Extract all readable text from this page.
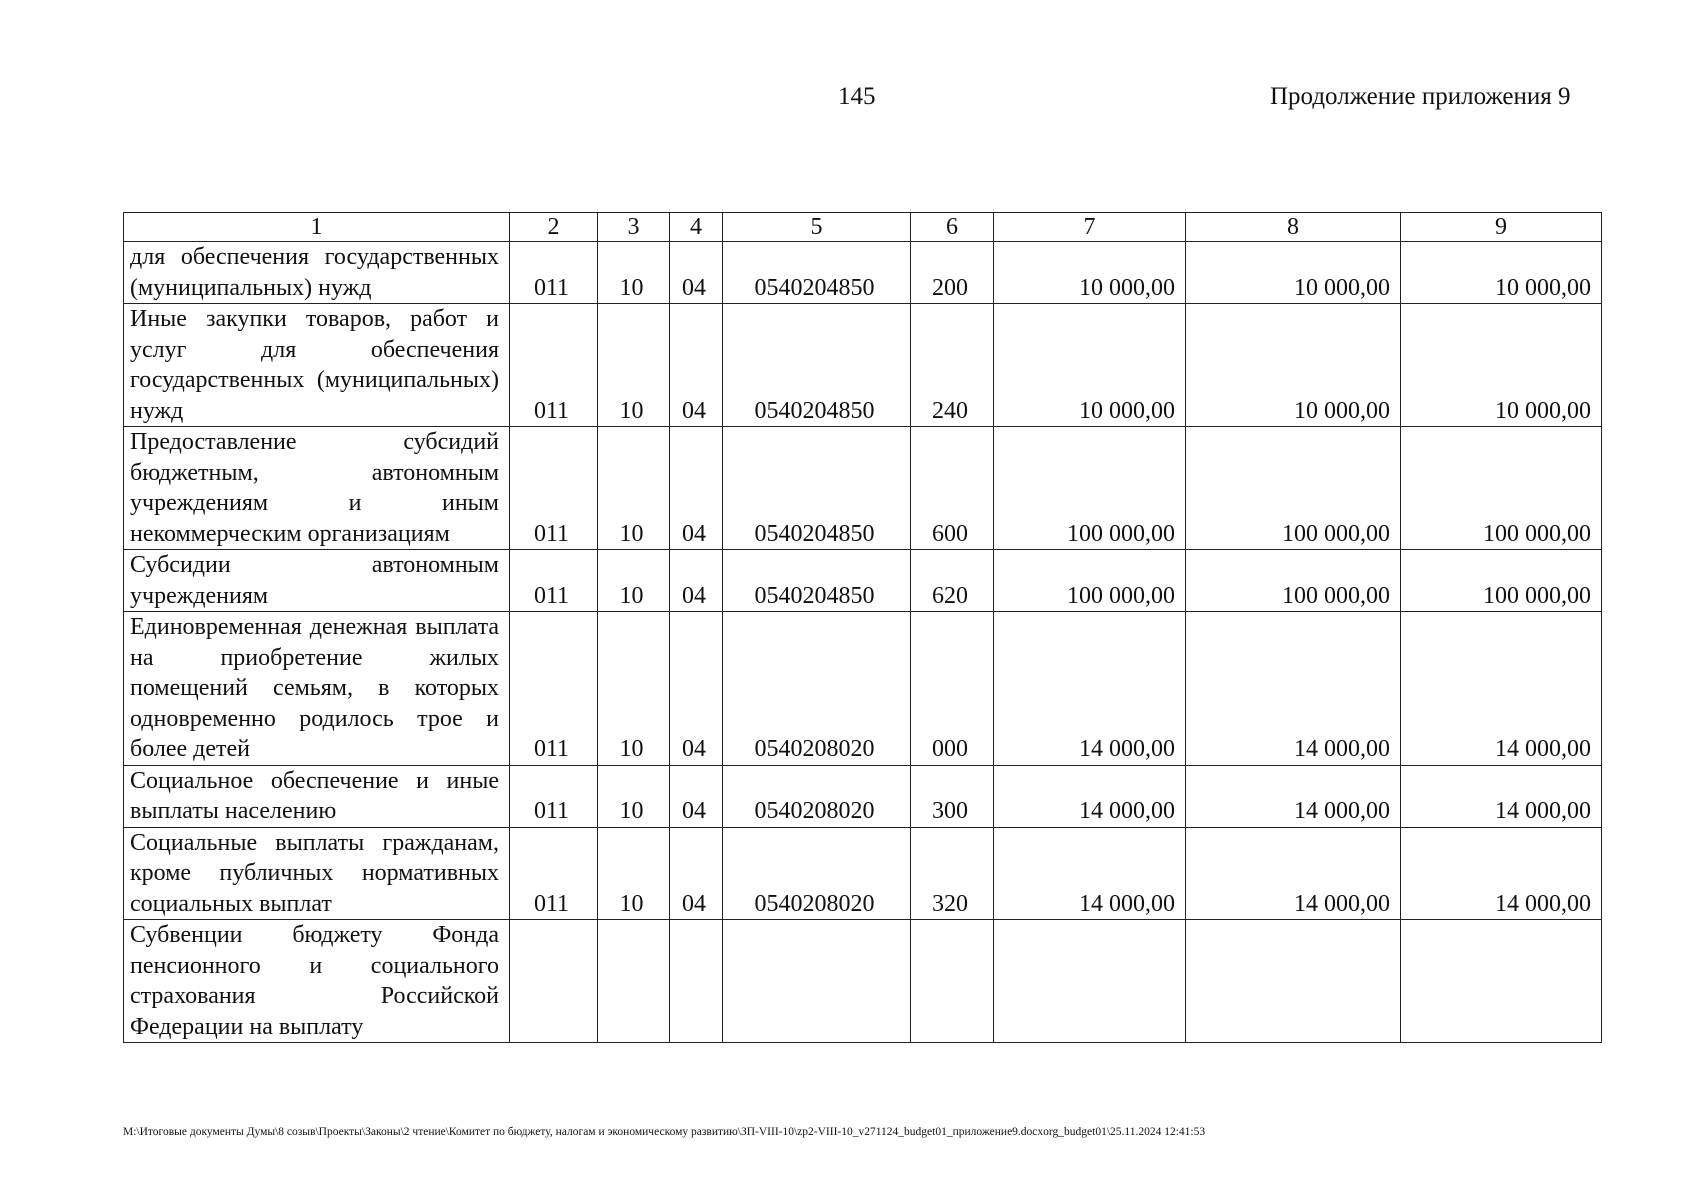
145	Продолжение приложения 9
1	2	3	4	5	6	7	8	9
для обеспечения государственных (муниципальных) нужд	011	10	04	0540204850	200	10 000,00	10 000,00	10 000,00
Иные закупки товаров, работ и услуг для обеспечения государственных (муниципальных) нужд	011	10	04	0540204850	240	10 000,00	10 000,00	10 000,00
Предоставление субсидий бюджетным, автономным учреждениям и иным некоммерческим организациям	011	10	04	0540204850	600	100 000,00	100 000,00	100 000,00
Субсидии автономным учреждениям	011	10	04	0540204850	620	100 000,00	100 000,00	100 000,00
Единовременная денежная выплата на приобретение жилых помещений семьям, в которых одновременно родилось трое и более детей	011	10	04	0540208020	000	14 000,00	14 000,00	14 000,00
Социальное обеспечение и иные выплаты населению	011	10	04	0540208020	300	14 000,00	14 000,00	14 000,00
Социальные выплаты гражданам, кроме публичных нормативных социальных выплат	011	10	04	0540208020	320	14 000,00	14 000,00	14 000,00
Субвенции бюджету Фонда пенсионного и социального страхования Российской Федерации на выплату								
M:\Итоговые документы Думы\8 созыв\Проекты\Законы\2 чтение\Комитет по бюджету, налогам и экономическому развитию\ЗП-VIII-10\zp2-VIII-10_v271124_budget01_приложение9.docxorg_budget01\25.11.2024 12:41:53
